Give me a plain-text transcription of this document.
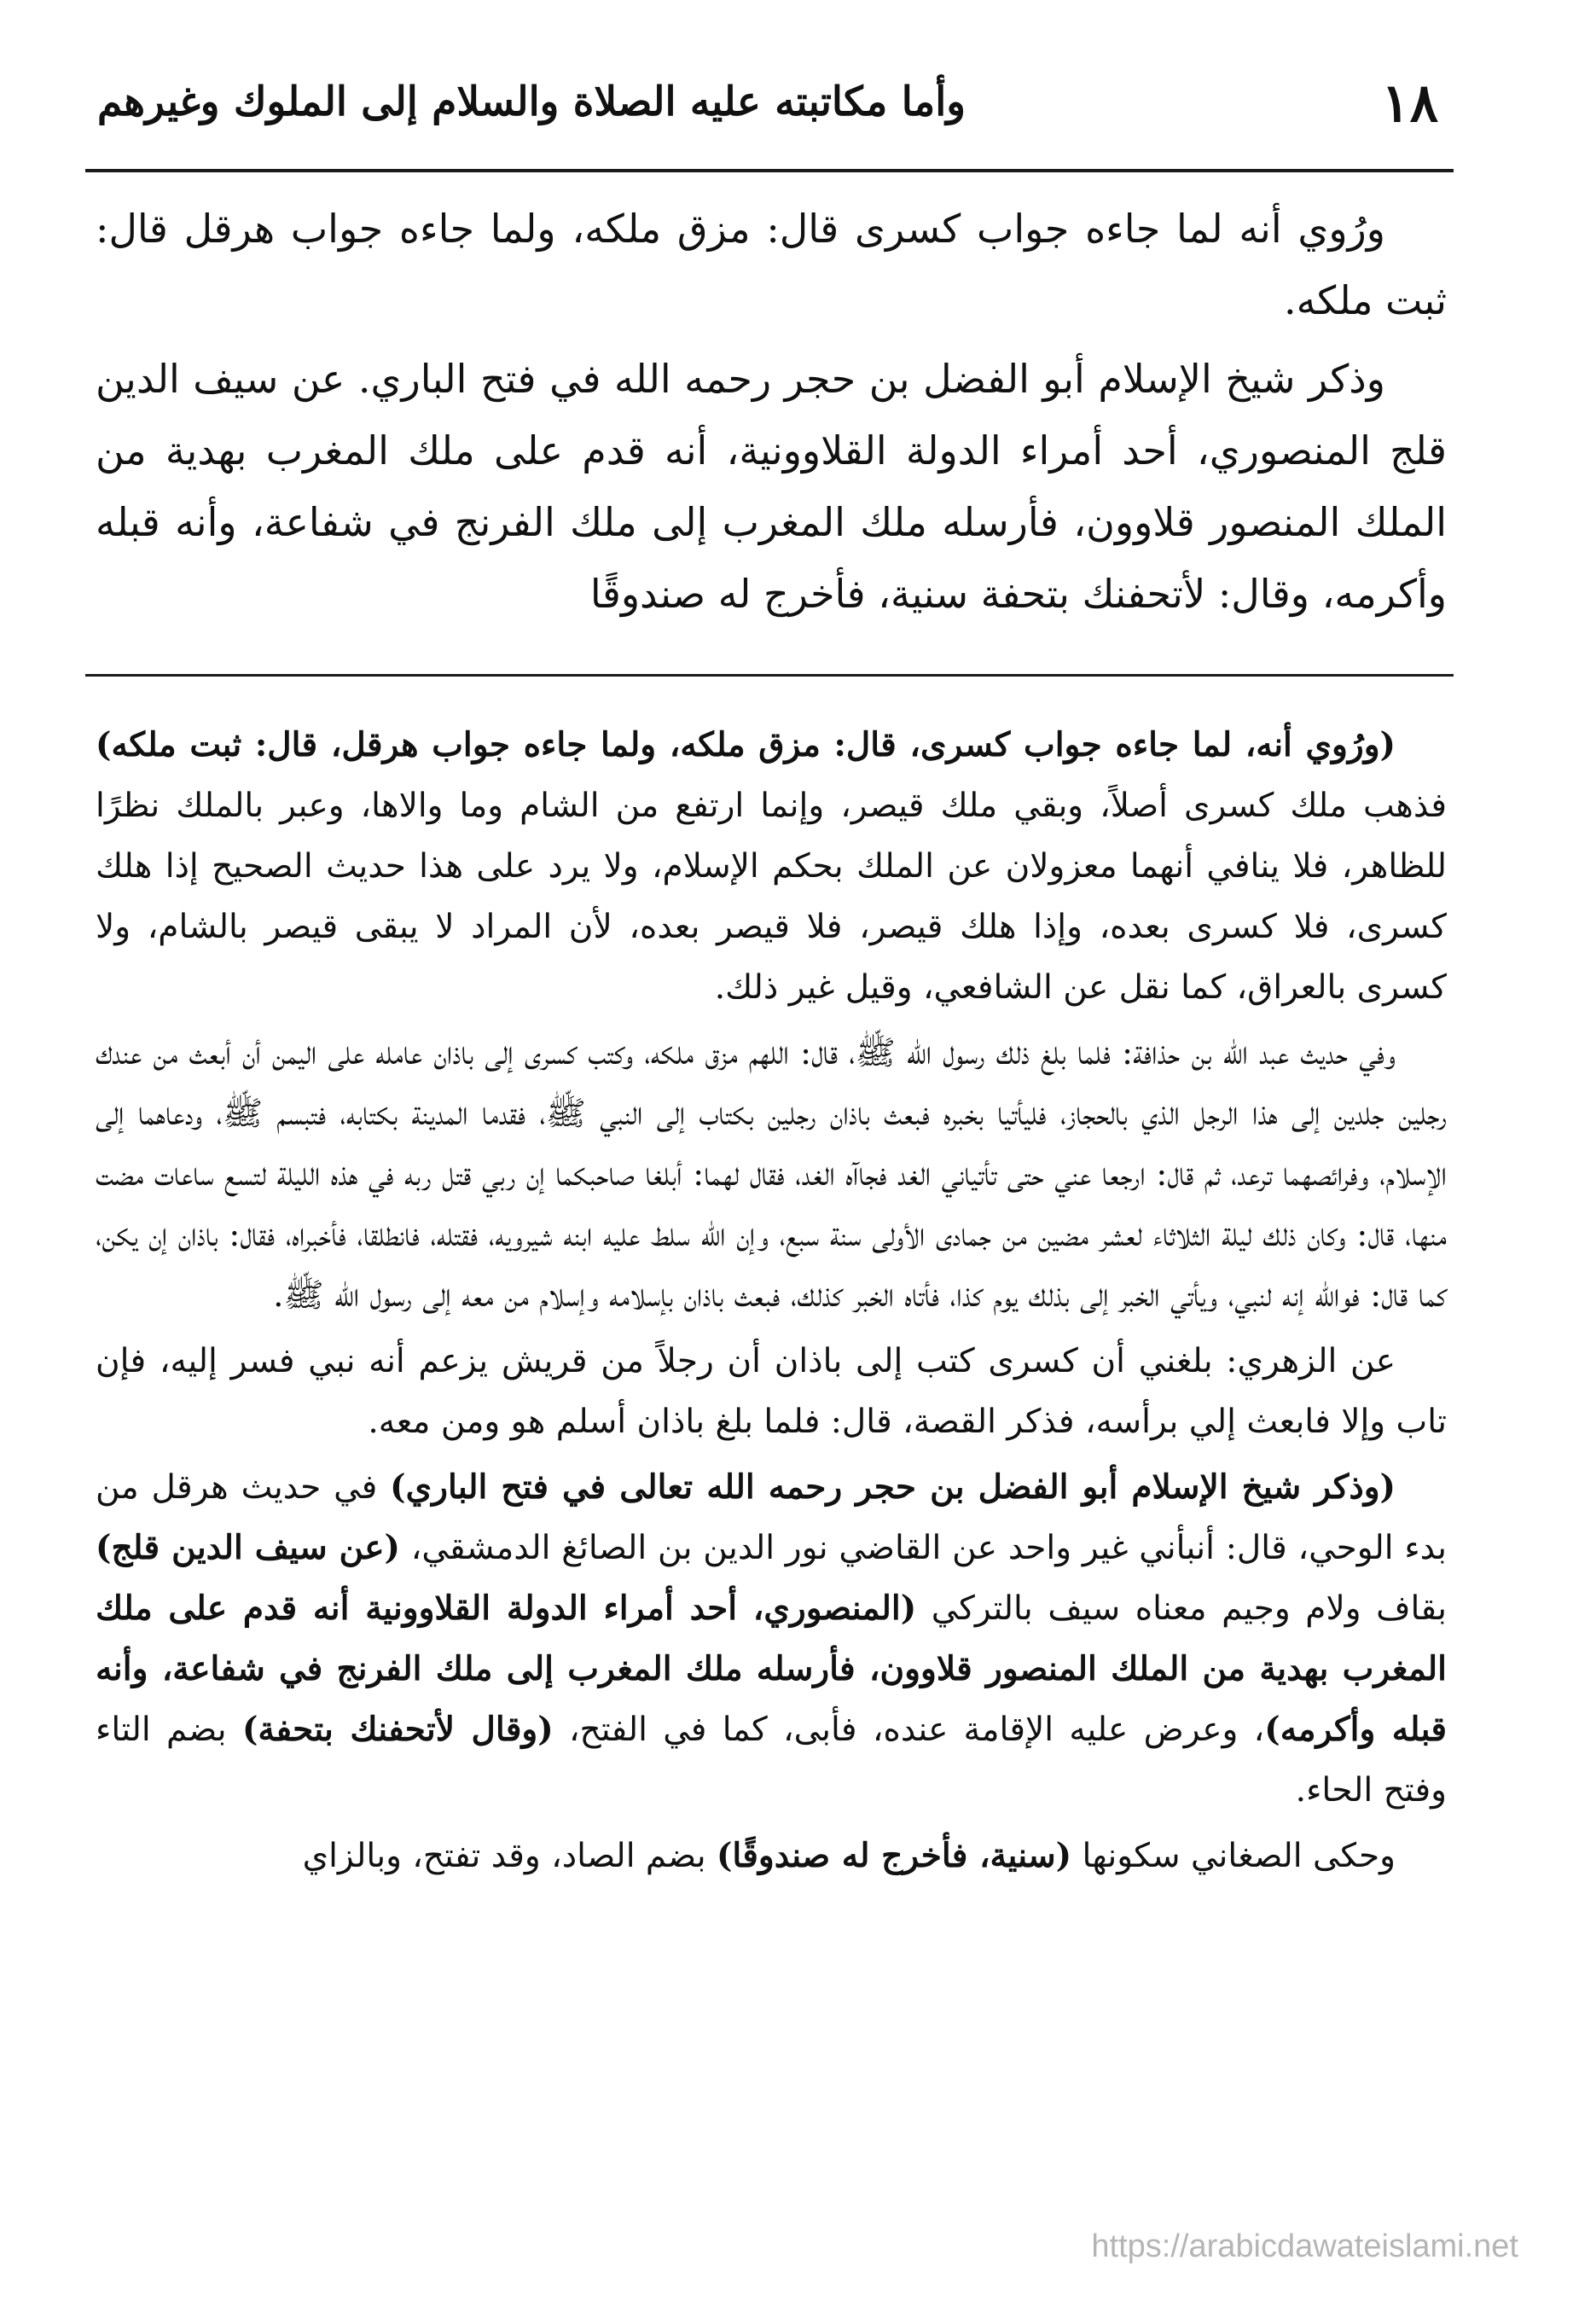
١٨
وأما مكاتبته عليه الصلاة والسلام إلى الملوك وغيرهم

ورُوي أنه لما جاءه جواب كسرى قال: مزق ملكه، ولما جاءه جواب هرقل قال: ثبت ملكه.

وذكر شيخ الإسلام أبو الفضل بن حجر رحمه الله في فتح الباري. عن سيف الدين قلج المنصوري، أحد أمراء الدولة القلاوونية، أنه قدم على ملك المغرب بهدية من الملك المنصور قلاوون، فأرسله ملك المغرب إلى ملك الفرنج في شفاعة، وأنه قبله وأكرمه، وقال: لأتحفنك بتحفة سنية، فأخرج له صندوقًا

(ورُوي أنه، لما جاءه جواب كسرى، قال: مزق ملكه، ولما جاءه جواب هرقل، قال: ثبت ملكه) فذهب ملك كسرى أصلاً، وبقي ملك قيصر، وإنما ارتفع من الشام وما والاها، وعبر بالملك نظرًا للظاهر، فلا ينافي أنهما معزولان عن الملك بحكم الإسلام، ولا يرد على هذا حديث الصحيح إذا هلك كسرى، فلا كسرى بعده، وإذا هلك قيصر، فلا قيصر بعده، لأن المراد لا يبقى قيصر بالشام، ولا كسرى بالعراق، كما نقل عن الشافعي، وقيل غير ذلك.

وفي حديث عبد الله بن حذافة: فلما بلغ ذلك رسول الله ﷺ، قال: اللهم مزق ملكه، وكتب كسرى إلى باذان عامله على اليمن أن أبعث من عندك رجلين جلدين إلى هذا الرجل الذي بالحجاز، فليأتيا بخبره فبعث باذان رجلين بكتاب إلى النبي ﷺ، فقدما المدينة بكتابه، فتبسم ﷺ، ودعاهما إلى الإسلام، وفرائصهما ترعد، ثم قال: ارجعا عني حتى تأتياني الغد فجاآه الغد، فقال لهما: أبلغا صاحبكما إن ربي قتل ربه في هذه الليلة لتسع ساعات مضت منها، قال: وكان ذلك ليلة الثلاثاء لعشر مضين من جمادى الأولى سنة سبع، وإن الله سلط عليه ابنه شيرويه، فقتله، فانطلقا، فأخبراه، فقال: باذان إن يكن، كما قال: فوالله إنه لنبي، ويأتي الخبر إلى بذلك يوم كذا، فأتاه الخبر كذلك، فبعث باذان بإسلامه وإسلام من معه إلى رسول الله ﷺ.

عن الزهري: بلغني أن كسرى كتب إلى باذان أن رجلاً من قريش يزعم أنه نبي فسر إليه، فإن تاب وإلا فابعث إلي برأسه، فذكر القصة، قال: فلما بلغ باذان أسلم هو ومن معه.

(وذكر شيخ الإسلام أبو الفضل بن حجر رحمه الله تعالى في فتح الباري) في حديث هرقل من بدء الوحي، قال: أنبأني غير واحد عن القاضي نور الدين بن الصائغ الدمشقي، (عن سيف الدين قلج) بقاف ولام وجيم معناه سيف بالتركي (المنصوري، أحد أمراء الدولة القلاوونية أنه قدم على ملك المغرب بهدية من الملك المنصور قلاوون، فأرسله ملك المغرب إلى ملك الفرنج في شفاعة، وأنه قبله وأكرمه)، وعرض عليه الإقامة عنده، فأبى، كما في الفتح، (وقال لأتحفنك بتحفة) بضم التاء وفتح الحاء.

وحكى الصغاني سكونها (سنية، فأخرج له صندوقًا) بضم الصاد، وقد تفتح، وبالزاي

https://arabicdawateislami.net
